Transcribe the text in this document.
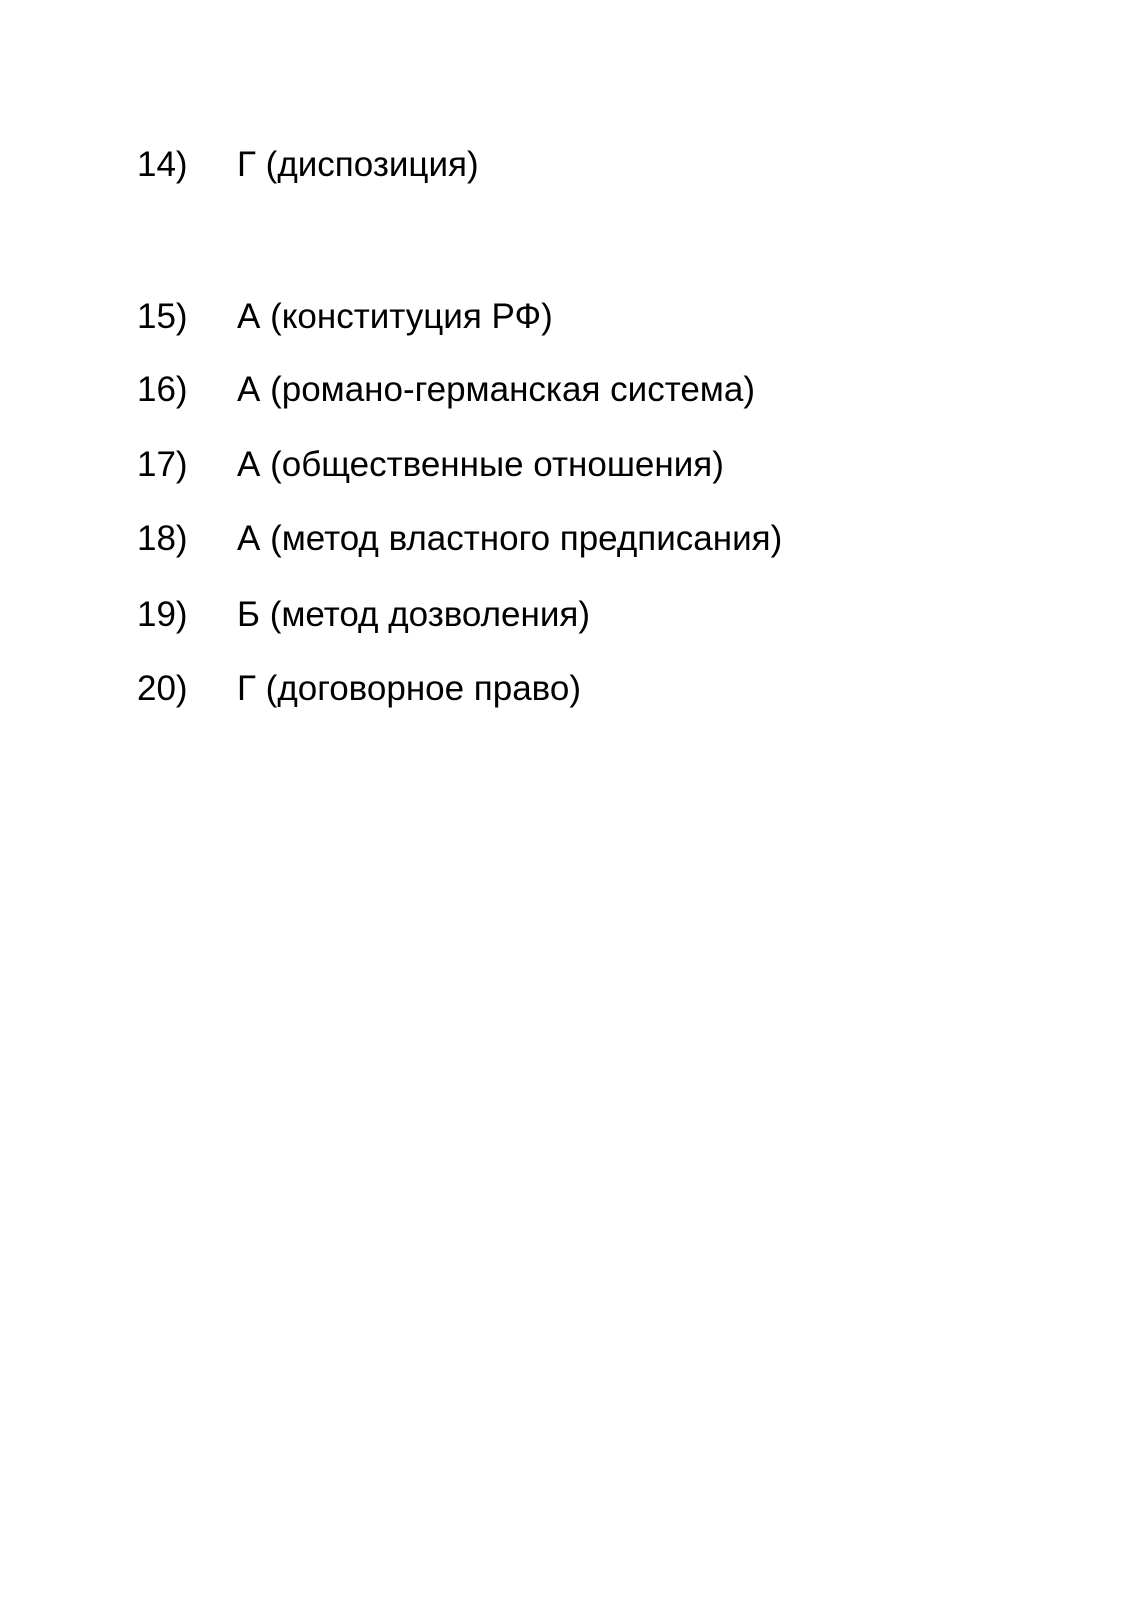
14)	Г (диспозиция)
15)	А (конституция РФ)
16)	А (романо-германская система)
17)	А (общественные отношения)
18)	А (метод властного предписания)
19)	Б (метод дозволения)
20)	Г (договорное право)
